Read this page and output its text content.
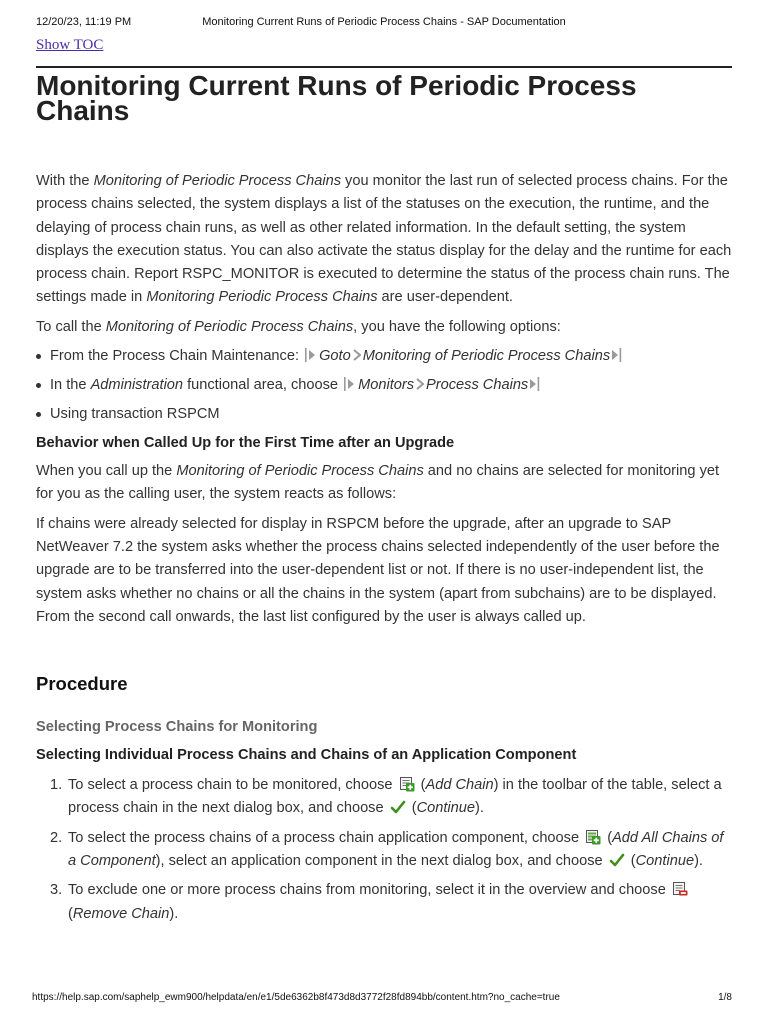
12/20/23, 11:19 PM	Monitoring Current Runs of Periodic Process Chains - SAP Documentation
Show TOC
Monitoring Current Runs of Periodic Process Chains

With the Monitoring of Periodic Process Chains you monitor the last run of selected process chains. For the process chains selected, the system displays a list of the statuses on the execution, the runtime, and the delaying of process chain runs, as well as other related information. In the default setting, the system displays the execution status. You can also activate the status display for the delay and the runtime for each process chain. Report RSPC_MONITOR is executed to determine the status of the process chain runs. The settings made in Monitoring Periodic Process Chains are user-dependent.

To call the Monitoring of Periodic Process Chains, you have the following options:

From the Process Chain Maintenance: Goto Monitoring of Periodic Process Chains
In the Administration functional area, choose Monitors Process Chains
Using transaction RSPCM
Behavior when Called Up for the First Time after an Upgrade

When you call up the Monitoring of Periodic Process Chains and no chains are selected for monitoring yet for you as the calling user, the system reacts as follows:

If chains were already selected for display in RSPCM before the upgrade, after an upgrade to SAP NetWeaver 7.2 the system asks whether the process chains selected independently of the user before the upgrade are to be transferred into the user-dependent list or not. If there is no user-independent list, the system asks whether no chains or all the chains in the system (apart from subchains) are to be displayed. From the second call onwards, the last list configured by the user is always called up.

Procedure
Selecting Process Chains for Monitoring
Selecting Individual Process Chains and Chains of an Application Component
1. To select a process chain to be monitored, choose  (Add Chain) in the toolbar of the table, select a process chain in the next dialog box, and choose  (Continue).
2. To select the process chains of a process chain application component, choose  (Add All Chains of a Component), select an application component in the next dialog box, and choose  (Continue).
3. To exclude one or more process chains from monitoring, select it in the overview and choose  (Remove Chain).
https://help.sap.com/saphelp_ewm900/helpdata/en/e1/5de6362b8f473d8d3772f28fd894bb/content.htm?no_cache=true	1/8
